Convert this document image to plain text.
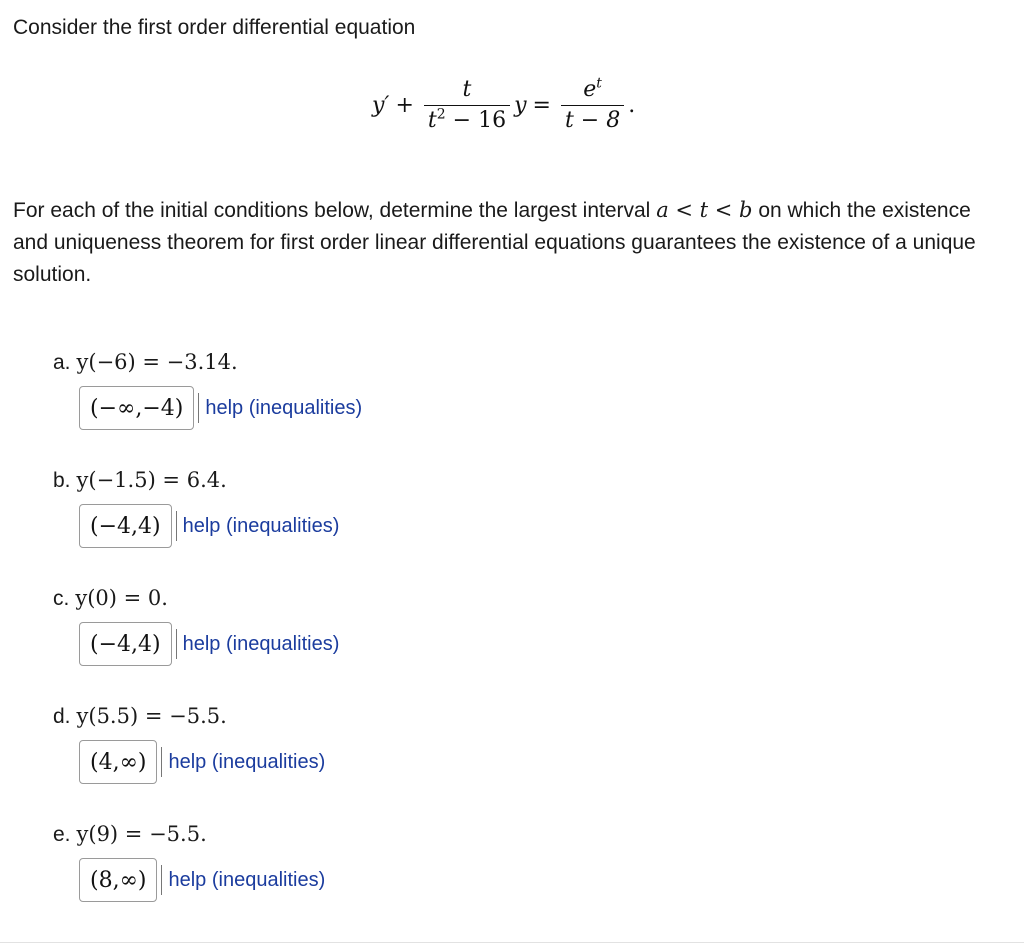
Consider the first order differential equation
$y' + \frac{t}{t^2 - 16}$ $y = \frac{e^t}{t - 8}$ .
For each of the initial conditions below, determine the largest interval a < t < b on which the existence and uniqueness theorem for first order linear differential equations guarantees the existence of a unique solution.
a. y(−6) = −3.14.
(−∞,−4)	help (inequalities)
b. y(−1.5) = 6.4.
(−4,4)	help (inequalities)
c. y(0) = 0.
(−4,4)	help (inequalities)
d. y(5.5) = −5.5.
(4,∞)	help (inequalities)
e. y(9) = −5.5.
(8,∞)	help (inequalities)
